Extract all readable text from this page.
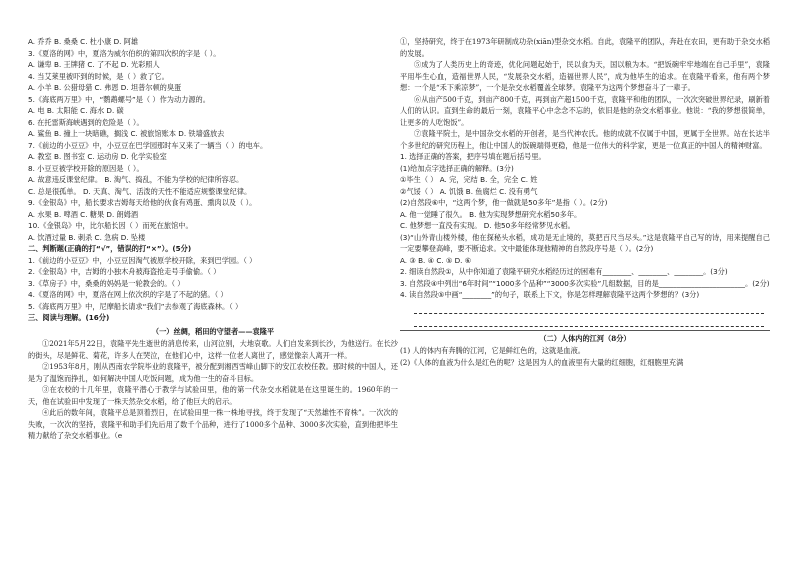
A. 乔乔 B. 桑桑 C. 杜小康 D. 阿雄
3.《夏洛的网》中，夏洛为威尔伯织的第四次织的字是（ ）。
A. 谦卑 B. 王牌猪 C. 了不起 D. 光彩照人
4. 当艾莱里被吓到的时候，是（ ）救了它。
A. 小羊 B. 公猎母猎 C. 弗恩 D. 坦普尔顿的臭蛋
5.《海底两万里》中，“鹦鹉螺号”是（ ）作为动力源的。
A. 电 B. 太阳能 C. 海水 D. 碳
6. 在托雷斯海峡遇到的危险是（ ）。
A. 鲨鱼 B. 撞上一块暗礁，搁浅 C. 被旅馆账本 D. 铁墙盛放去
7.《前边的小豆豆》中，小豆豆在巴学园那时车又来了一辆当（ ）的电车。
A. 教室 B. 图书室 C. 运动房 D. 化学实验室
8. 小豆豆被学校开除的原因是（ ）。
A. 故意违反课堂纪律。 B. 淘气、捣乱，不能为学校的纪律所容忍。
C. 总是很孤单。 D. 天真、淘气、活泼的天性不能适应规整课堂纪律。
9.《金银岛》中，船长要求吉姆每天给他的伙食有鸡蛋、熏肉以及（ ）。
A. 水果 B. 啤酒 C. 糖果 D. 朗姆酒
10.《金银岛》中，比尔船长因（ ）而死在旅馆中。
A. 饮酒过量 B. 刺杀 C. 急病 D. 坠楼
二、判断题(正确的打“√”，错误的打“×”）。(5分)
1.《前边的小豆豆》中，小豆豆因淘气被原学校开除，来到巴学园。（ ）
2.《金银岛》中，吉姆的小独木舟被海盗抢走号手偷偷。（ ）
3.《草房子》中，桑桑的妈妈是一轮教会的。（ ）
4.《夏洛的网》中，夏洛在网上依次织的字是了不起的猪。（ ）
5.《海底两万里》中，尼摩船长请求“我们”去参观了海底森林。（ ）
三、阅读与理解。(16分)
（一）丝绸，稻田的守望者——袁隆平
①2021年5月22日，袁隆平先生逝世的消息传来，山河泣别，大地哀歌。人们自发来到长沙，为他送行。在长沙的街头，尽是鲜花、菊花，许多人在哭泣，在他们心中，这样一位老人离世了，感觉像亲人离开一样。
②1953年8月，刚从西南农学院毕业的袁隆平，被分配到湘西雪峰山脚下的安江农校任教。那时候的中国人，还是为了温饱而挣扎，如何解决中国人吃饭问题，成为他一生的奋斗目标。
③在农校的十几年里，袁隆平潜心于教学与试验田里，他的第一代杂交水稻就是在这里诞生的。1960年的一天，他在试验田中发现了一株天然杂交水稻，给了他巨大的启示。
④此后的数年间，袁隆平总是顶着烈日，在试验田里一株一株地寻找，终于发现了“天然雄性不育株”。一次次的失败，一次次的坚持，袁隆平和助手们先后用了数千个品种，进行了1000多个品种、3000多次实验，直到他把毕生精力献给了杂交水稻事业。（e
①，坚持研究，终于在1973年研制成功杂(xiān)型杂交水稻。自此，袁隆平的团队，奔赴在农田，更有助于杂交水稻的发展。
⑤成为了人类历史上的奇迹，优化问题起始于，民以食为天，国以粮为本。“把饭碗牢牢地端在自己手里”，袁隆平用毕生心血，造福世界人民，“发展杂交水稻，造福世界人民”，成为他毕生的追求。在袁隆平看来，他有两个梦想：一个是“禾下乘凉梦”，一个是杂交水稻覆盖全球梦。袁隆平为这两个梦想奋斗了一辈子。
⑥从亩产500千克，到亩产800千克，再到亩产超1500千克，袁隆平和他的团队，一次次突破世界纪录，刷新着人们的认识。直到生命的最后一刻，袁隆平心中念念不忘的，依旧是他的杂交水稻事业。他说：“我的梦想很简单，让更多的人吃饱饭”。
⑦袁隆平院士，是中国杂交水稻的开创者，是当代神农氏。他的成就不仅属于中国，更属于全世界。站在长达半个多世纪的研究历程上，他让中国人的饭碗端得更稳，他是一位伟大的科学家，更是一位真正的中国人的精神财富。
1. 选择正确的答案，把序号填在题后括号里。
(1)给加点字选择正确的解释。(3分)
①毕生（ ） A. 完，完结 B. 全，完全 C. 姓
②气馁（ ） A. 饥饿 B. 鱼腐烂 C. 没有勇气
(2)自然段⑥中，“这两个梦，他一做就是50多年”是指（ ）。(2分)
A. 他一觉睡了很久。 B. 他为实现梦想研究水稻50多年。
C. 他梦想一直没有实现。 D. 他50多年经常梦见水稻。
(3)“山外青山楼外楼，他在探秘头水稻，成功是无止境的，莫把百尺当尽头。”这是袁隆平自己写的诗，用来提醒自己一定要攀登高峰，要不断追求。文中最能体现他精神的自然段序号是（ ）。(2分)
A. ③ B. ④ C. ⑤ D. ⑥
2. 细读自然段①，从中你知道了袁隆平研究水稻经历过的困难有________、________、________。(3分)
3. 自然段④中列出“6年时间”“1000多个品种”“3000多次实验”几组数据，目的是________________________。(2分)
4. 读自然段⑤中画“________”的句子，联系上下文，你是怎样理解袁隆平这两个梦想的？(3分)
（二）人体内的江河（8分）
(1) 人的体内有奔腾的江河，它是鲜红色的，这就是血液。
(2)《人体的血液为什么是红色的呢？这是因为人的血液里有大量的红细胞，红细胞里充满
